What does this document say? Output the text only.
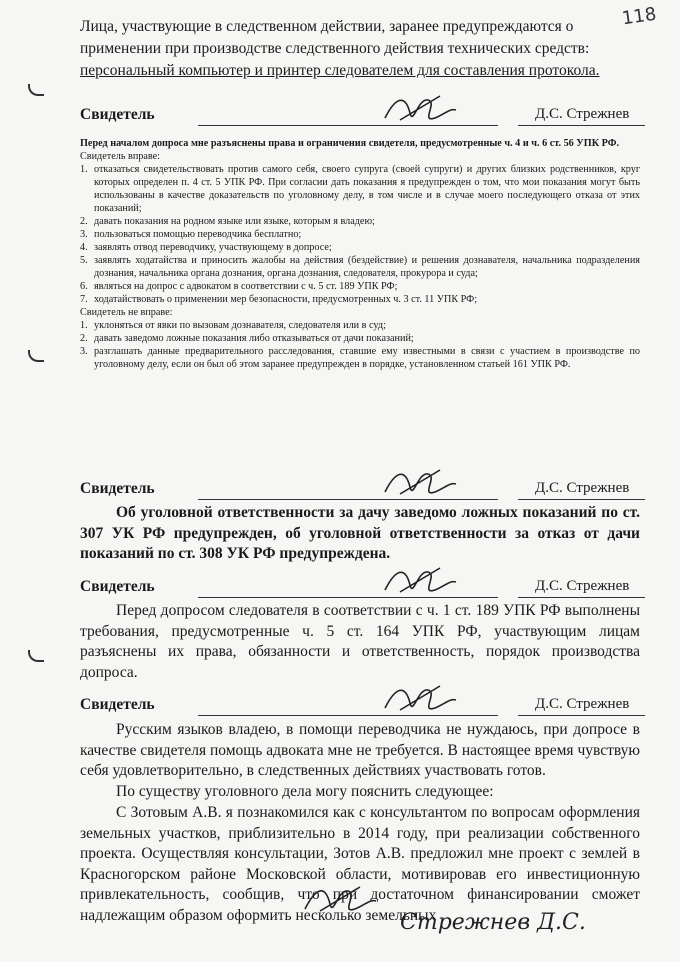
118
Лица, участвующие в следственном действии, заранее предупреждаются о
применении при производстве следственного действия технических средств:
персональный компьютер и принтер следователем для составления протокола.
Свидетель	Д.С. Стрежнев
Перед началом допроса мне разъяснены права и ограничения свидетеля, предусмотренные ч. 4 и ч. 6 ст. 56 УПК РФ.
Свидетель вправе:
1. отказаться свидетельствовать против самого себя, своего супруга (своей супруги) и других близких родственников, круг которых определен п. 4 ст. 5 УПК РФ. При согласии дать показания я предупрежден о том, что мои показания могут быть использованы в качестве доказательств по уголовному делу, в том числе и в случае моего последующего отказа от этих показаний;
2. давать показания на родном языке или языке, которым я владею;
3. пользоваться помощью переводчика бесплатно;
4. заявлять отвод переводчику, участвующему в допросе;
5. заявлять ходатайства и приносить жалобы на действия (бездействие) и решения дознавателя, начальника подразделения дознания, начальника органа дознания, органа дознания, следователя, прокурора и суда;
6. являться на допрос с адвокатом в соответствии с ч. 5 ст. 189 УПК РФ;
7. ходатайствовать о применении мер безопасности, предусмотренных ч. 3 ст. 11 УПК РФ;
Свидетель не вправе:
1. уклоняться от явки по вызовам дознавателя, следователя или в суд;
2. давать заведомо ложные показания либо отказываться от дачи показаний;
3. разглашать данные предварительного расследования, ставшие ему известными в связи с участием в производстве по уголовному делу, если он был об этом заранее предупрежден в порядке, установленном статьей 161 УПК РФ.
Свидетель	Д.С. Стрежнев
Об уголовной ответственности за дачу заведомо ложных показаний по ст. 307 УК РФ предупрежден, об уголовной ответственности за отказ от дачи показаний по ст. 308 УК РФ предупреждена.
Свидетель	Д.С. Стрежнев
Перед допросом следователя в соответствии с ч. 1 ст. 189 УПК РФ выполнены требования, предусмотренные ч. 5 ст. 164 УПК РФ, участвующим лицам разъяснены их права, обязанности и ответственность, порядок производства допроса.
Свидетель	Д.С. Стрежнев
Русским языков владею, в помощи переводчика не нуждаюсь, при допросе в качестве свидетеля помощь адвоката мне не требуется. В настоящее время чувствую себя удовлетворительно, в следственных действиях участвовать готов.
По существу уголовного дела могу пояснить следующее:
С Зотовым А.В. я познакомился как с консультантом по вопросам оформления земельных участков, приблизительно в 2014 году, при реализации собственного проекта. Осуществляя консультации, Зотов А.В. предложил мне проект с землей в Красногорском районе Московской области, мотивировав его инвестиционную привлекательность, сообщив, что при достаточном финансировании сможет надлежащим образом оформить несколько земельных
Стрежнев Д.С.
